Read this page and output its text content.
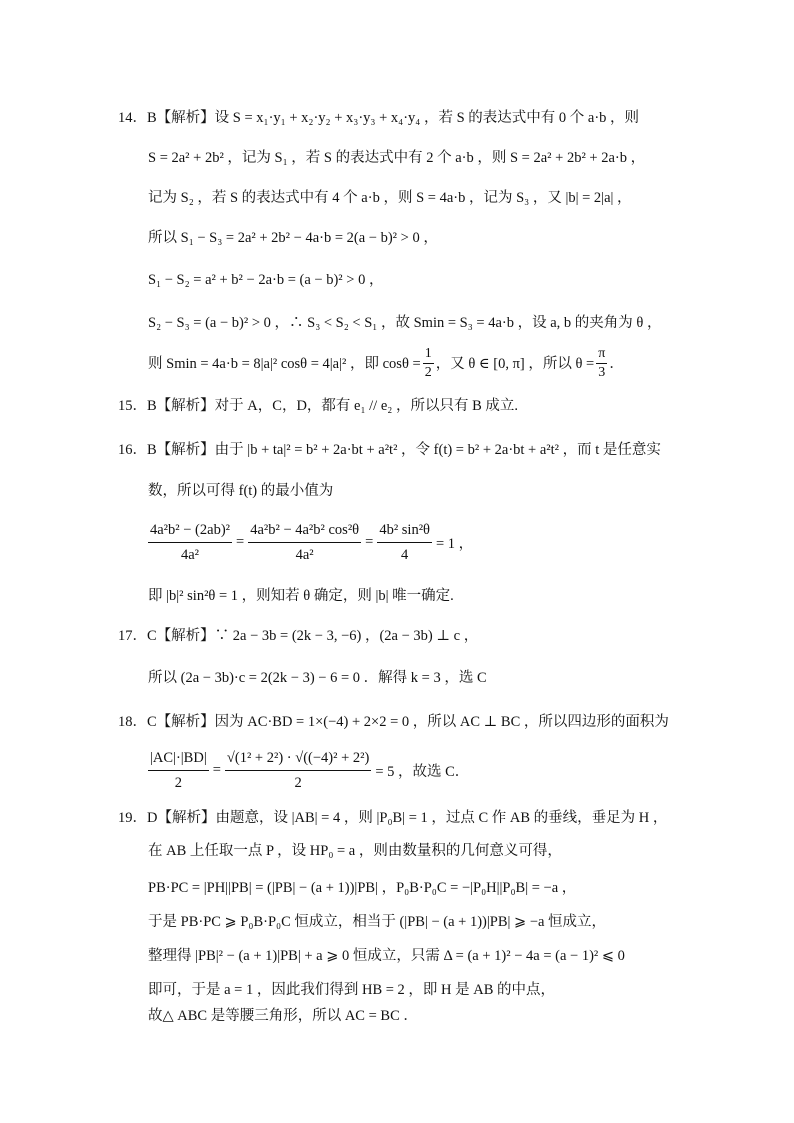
14．B【解析】设 S = x₁·y₁ + x₂·y₂ + x₃·y₃ + x₄·y₄ ，若 S 的表达式中有 0 个 a·b ，则
S = 2a² + 2b² ，记为 S₁ ，若 S 的表达式中有 2 个 a·b ，则 S = 2a² + 2b² + 2a·b ，
记为 S₂ ，若 S 的表达式中有 4 个 a·b ，则 S = 4a·b ，记为 S₃ ，又 |b| = 2|a| ，
所以 S₁ − S₃ = 2a² + 2b² − 4a·b = 2(a − b)² > 0 ，
S₁ − S₂ = a² + b² − 2a·b = (a − b)² > 0 ，
S₂ − S₃ = (a − b)² > 0 ，∴ S₃ < S₂ < S₁ ，故 Smin = S₃ = 4a·b ，设 a, b 的夹角为 θ ，
则 Smin = 4a·b = 8|a|² cosθ = 4|a|² ，即 $\cos\theta = \frac{1}{2}$ ，又 θ ∈ [0, π] ，所以 $\theta = \frac{\pi}{3}$ ．
15．B【解析】对于 A，C，D，都有 e₁ // e₂ ，所以只有 B 成立.
16．B【解析】由于 |b + ta|² = b² + 2a·bt + a²t² ，令 f(t) = b² + 2a·bt + a²t² ，而 t 是任意实
数，所以可得 f(t) 的最小值为
$\frac{\text{4a²b² − (2ab)²}}{\text{4a²}} = \frac{\text{4a²b² − 4a²b² cos²θ}}{\text{4a²}} = \frac{\text{4b² sin²θ}}{4} = 1$ ，
即 |b|² sin²θ = 1 ，则知若 θ 确定，则 |b| 唯一确定.
17．C【解析】∵ 2a − 3b = (2k − 3, −6) ，(2a − 3b) ⊥ c ，
所以 (2a − 3b)·c = 2(2k − 3) − 6 = 0 ．解得 k = 3 ，选 C
18．C【解析】因为 AC·BD = 1×(−4) + 2×2 = 0 ，所以 AC ⊥ BC ，所以四边形的面积为
$\frac{|AC|\cdot|BD|}{2} = \frac{\text{√(1² + 2²) · √((−4)² + 2²)}}{2} = 5$ ，故选 C．
19．D【解析】由题意，设 |AB| = 4 ，则 |P₀B| = 1 ，过点 C 作 AB 的垂线，垂足为 H ，
在 AB 上任取一点 P ，设 HP₀ = a ，则由数量积的几何意义可得，
PB·PC = |PH||PB| = (|PB| − (a + 1))|PB| ，P₀B·P₀C = −|P₀H||P₀B| = −a ，
于是 PB·PC ⩾ P₀B·P₀C 恒成立，相当于 (|PB| − (a + 1))|PB| ⩾ −a 恒成立，
整理得 |PB|² − (a + 1)|PB| + a ⩾ 0 恒成立，只需 Δ = (a + 1)² − 4a = (a − 1)² ⩽ 0
即可，于是 a = 1 ，因此我们得到 HB = 2 ，即 H 是 AB 的中点，
故△ ABC 是等腰三角形，所以 AC = BC ．
